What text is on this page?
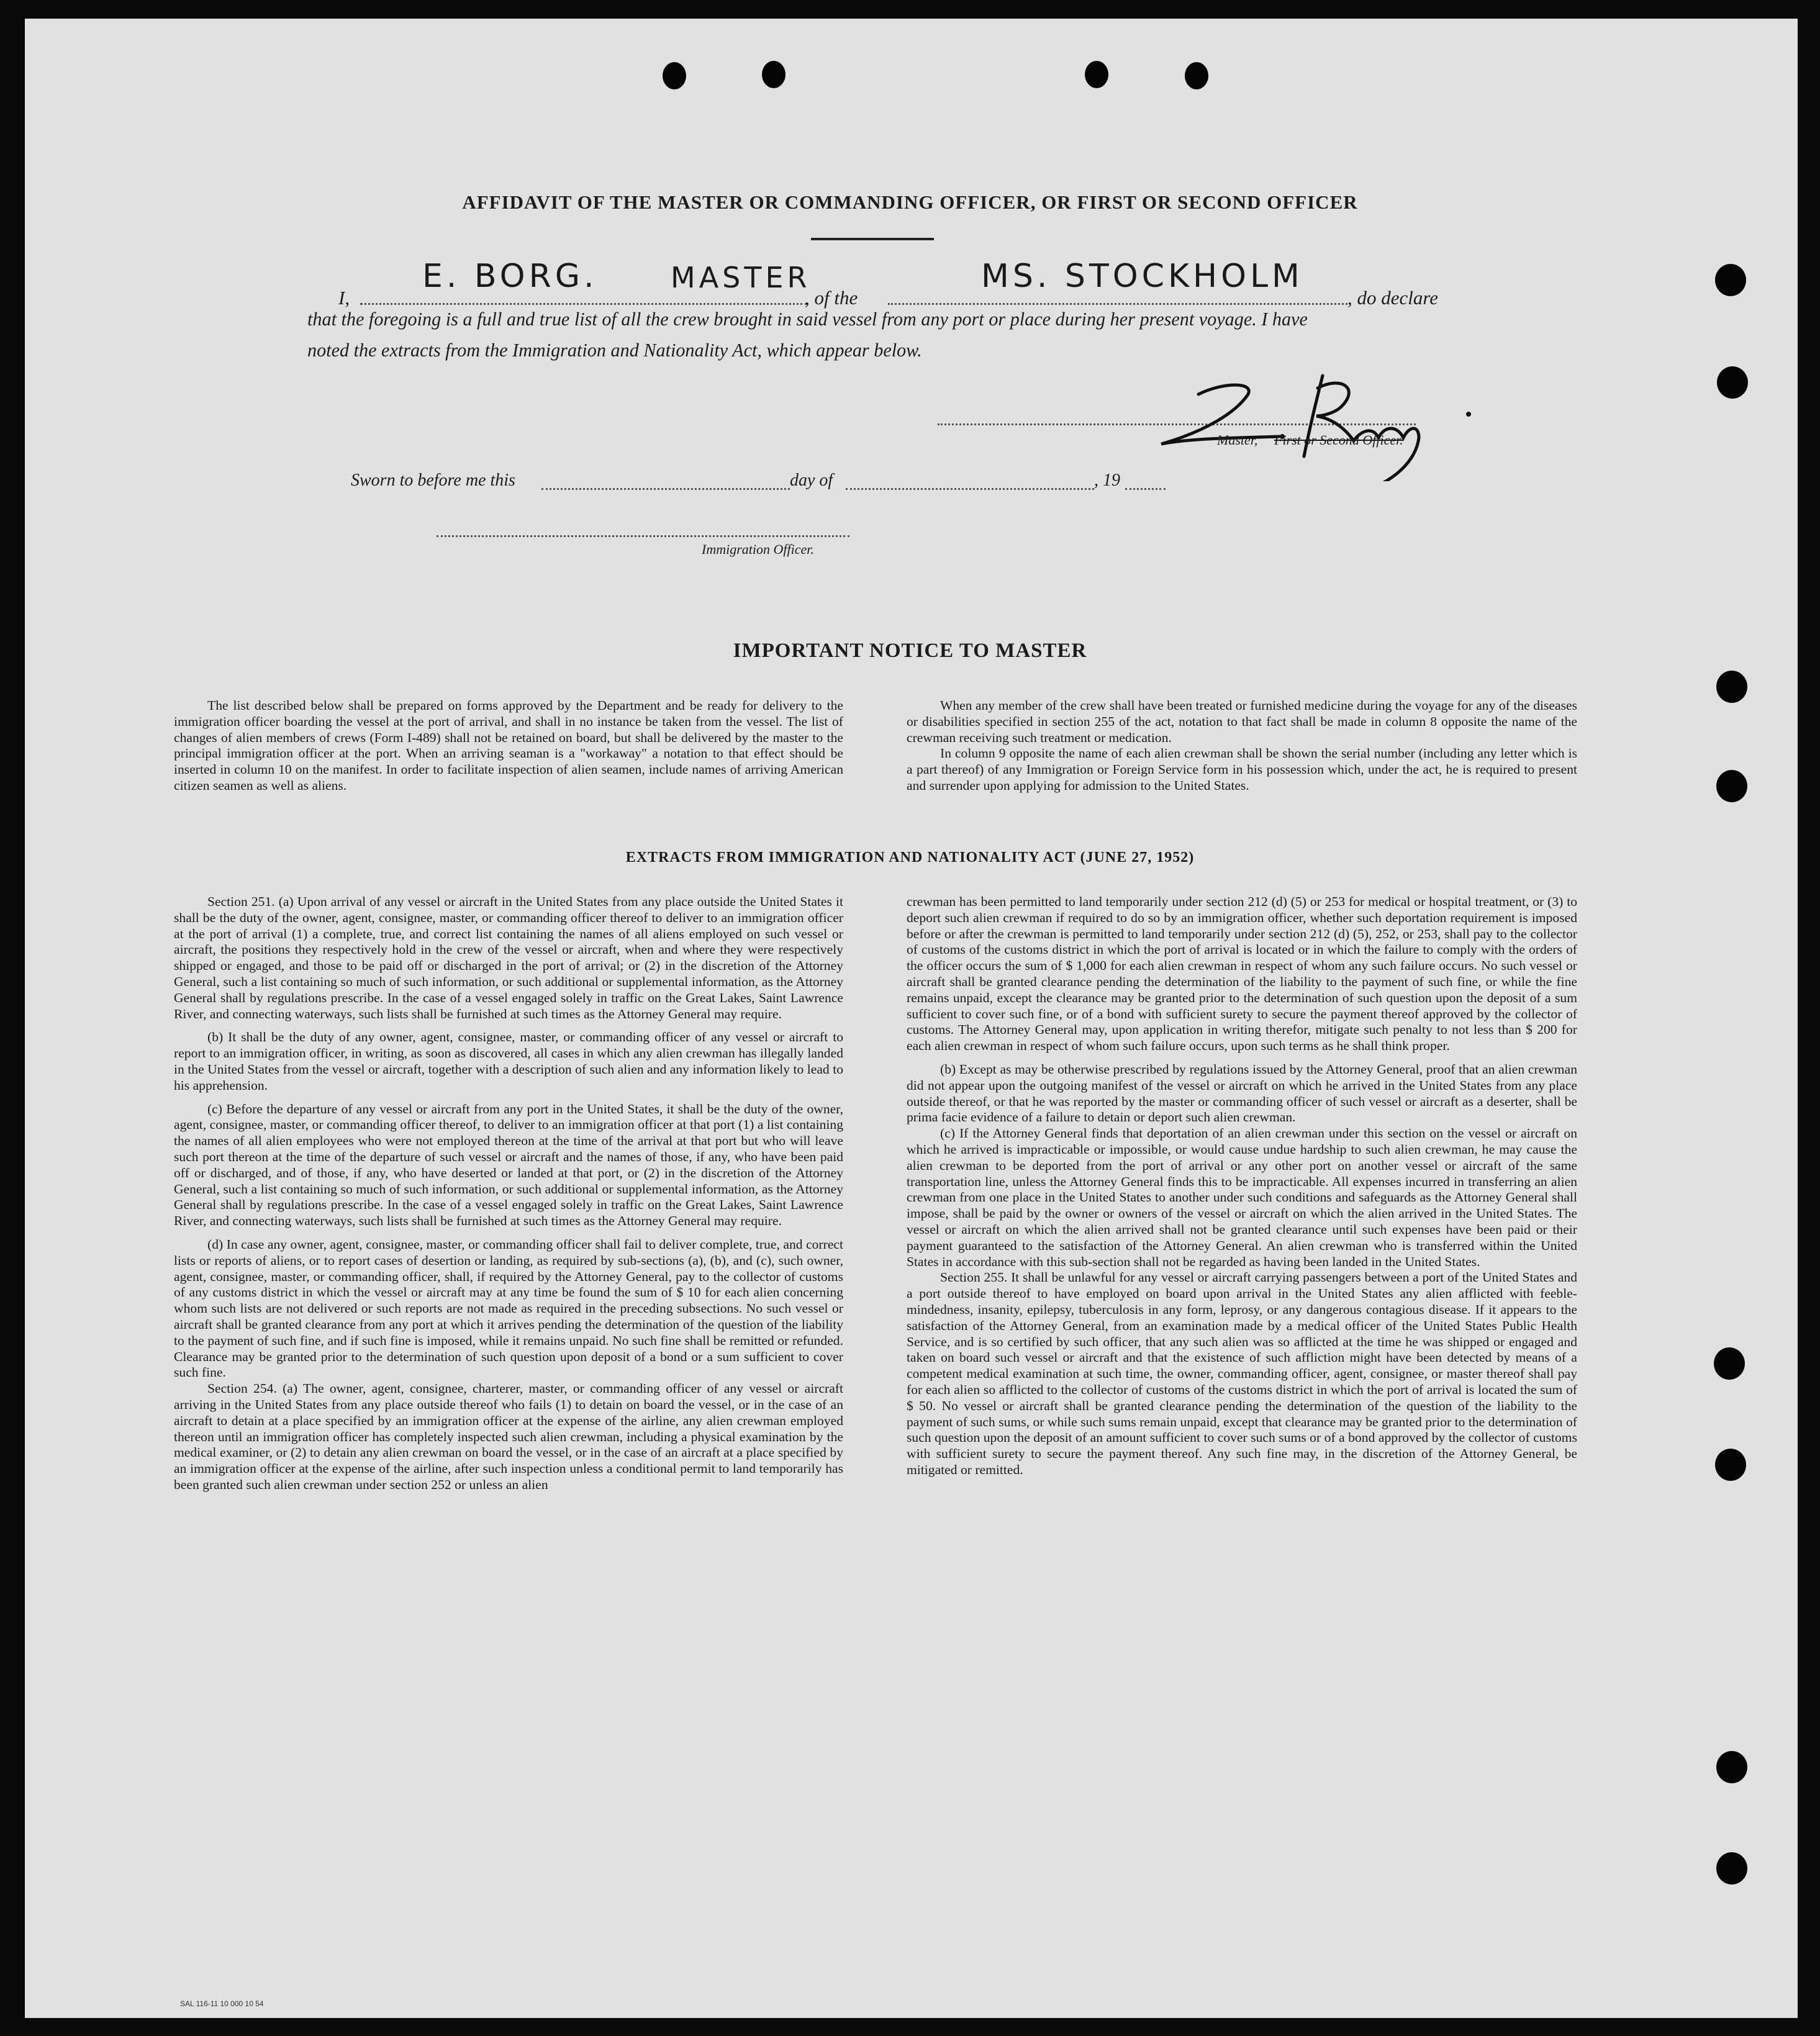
AFFIDAVIT OF THE MASTER OR COMMANDING OFFICER, OR FIRST OR SECOND OFFICER
I,	, of the	, do declare
E. BORG.	MASTER	MS. STOCKHOLM
that the foregoing is a full and true list of all the crew brought in said vessel from any port or place during her present voyage. I have
noted the extracts from the Immigration and Nationality Act, which appear below.
Master, First or Second Officer.
Sworn to before me this	day of	, 19
Immigration Officer.
IMPORTANT NOTICE TO MASTER

The list described below shall be prepared on forms approved by the Department and be ready for delivery to the immigration officer boarding the vessel at the port of arrival, and shall in no instance be taken from the vessel. The list of changes of alien members of crews (Form I-489) shall not be retained on board, but shall be delivered by the master to the principal immigration officer at the port. When an arriving seaman is a "workaway" a notation to that effect should be inserted in column 10 on the manifest. In order to facilitate inspection of alien seamen, include names of arriving American citizen seamen as well as aliens.

When any member of the crew shall have been treated or furnished medicine during the voyage for any of the diseases or disabilities specified in section 255 of the act, notation to that fact shall be made in column 8 opposite the name of the crewman receiving such treatment or medication.

In column 9 opposite the name of each alien crewman shall be shown the serial number (including any letter which is a part thereof) of any Immigration or Foreign Service form in his possession which, under the act, he is required to present and surrender upon applying for admission to the United States.

EXTRACTS FROM IMMIGRATION AND NATIONALITY ACT (JUNE 27, 1952)

Section 251. (a) Upon arrival of any vessel or aircraft in the United States from any place outside the United States it shall be the duty of the owner, agent, consignee, master, or commanding officer thereof to deliver to an immigration officer at the port of arrival (1) a complete, true, and correct list containing the names of all aliens employed on such vessel or aircraft, the positions they respectively hold in the crew of the vessel or aircraft, when and where they were respectively shipped or engaged, and those to be paid off or discharged in the port of arrival; or (2) in the discretion of the Attorney General, such a list containing so much of such information, or such additional or supplemental information, as the Attorney General shall by regulations prescribe. In the case of a vessel engaged solely in traffic on the Great Lakes, Saint Lawrence River, and connecting waterways, such lists shall be furnished at such times as the Attorney General may require.

(b) It shall be the duty of any owner, agent, consignee, master, or commanding officer of any vessel or aircraft to report to an immigration officer, in writing, as soon as discovered, all cases in which any alien crewman has illegally landed in the United States from the vessel or aircraft, together with a description of such alien and any information likely to lead to his apprehension.

(c) Before the departure of any vessel or aircraft from any port in the United States, it shall be the duty of the owner, agent, consignee, master, or commanding officer thereof, to deliver to an immigration officer at that port (1) a list containing the names of all alien employees who were not employed thereon at the time of the arrival at that port but who will leave such port thereon at the time of the departure of such vessel or aircraft and the names of those, if any, who have been paid off or discharged, and of those, if any, who have deserted or landed at that port, or (2) in the discretion of the Attorney General, such a list containing so much of such information, or such additional or supplemental information, as the Attorney General shall by regulations prescribe. In the case of a vessel engaged solely in traffic on the Great Lakes, Saint Lawrence River, and connecting waterways, such lists shall be furnished at such times as the Attorney General may require.

(d) In case any owner, agent, consignee, master, or commanding officer shall fail to deliver complete, true, and correct lists or reports of aliens, or to report cases of desertion or landing, as required by sub-sections (a), (b), and (c), such owner, agent, consignee, master, or commanding officer, shall, if required by the Attorney General, pay to the collector of customs of any customs district in which the vessel or aircraft may at any time be found the sum of $ 10 for each alien concerning whom such lists are not delivered or such reports are not made as required in the preceding subsections. No such vessel or aircraft shall be granted clearance from any port at which it arrives pending the determination of the question of the liability to the payment of such fine, and if such fine is imposed, while it remains unpaid. No such fine shall be remitted or refunded. Clearance may be granted prior to the determination of such question upon deposit of a bond or a sum sufficient to cover such fine.

Section 254. (a) The owner, agent, consignee, charterer, master, or commanding officer of any vessel or aircraft arriving in the United States from any place outside thereof who fails (1) to detain on board the vessel, or in the case of an aircraft to detain at a place specified by an immigration officer at the expense of the airline, any alien crewman employed thereon until an immigration officer has completely inspected such alien crewman, including a physical examination by the medical examiner, or (2) to detain any alien crewman on board the vessel, or in the case of an aircraft at a place specified by an immigration officer at the expense of the airline, after such inspection unless a conditional permit to land temporarily has been granted such alien crewman under section 252 or unless an alien

crewman has been permitted to land temporarily under section 212 (d) (5) or 253 for medical or hospital treatment, or (3) to deport such alien crewman if required to do so by an immigration officer, whether such deportation requirement is imposed before or after the crewman is permitted to land temporarily under section 212 (d) (5), 252, or 253, shall pay to the collector of customs of the customs district in which the port of arrival is located or in which the failure to comply with the orders of the officer occurs the sum of $ 1,000 for each alien crewman in respect of whom any such failure occurs. No such vessel or aircraft shall be granted clearance pending the determination of the liability to the payment of such fine, or while the fine remains unpaid, except the clearance may be granted prior to the determination of such question upon the deposit of a sum sufficient to cover such fine, or of a bond with sufficient surety to secure the payment thereof approved by the collector of customs. The Attorney General may, upon application in writing therefor, mitigate such penalty to not less than $ 200 for each alien crewman in respect of whom such failure occurs, upon such terms as he shall think proper.

(b) Except as may be otherwise prescribed by regulations issued by the Attorney General, proof that an alien crewman did not appear upon the outgoing manifest of the vessel or aircraft on which he arrived in the United States from any place outside thereof, or that he was reported by the master or commanding officer of such vessel or aircraft as a deserter, shall be prima facie evidence of a failure to detain or deport such alien crewman.

(c) If the Attorney General finds that deportation of an alien crewman under this section on the vessel or aircraft on which he arrived is impracticable or impossible, or would cause undue hardship to such alien crewman, he may cause the alien crewman to be deported from the port of arrival or any other port on another vessel or aircraft of the same transportation line, unless the Attorney General finds this to be impracticable. All expenses incurred in transferring an alien crewman from one place in the United States to another under such conditions and safeguards as the Attorney General shall impose, shall be paid by the owner or owners of the vessel or aircraft on which the alien arrived in the United States. The vessel or aircraft on which the alien arrived shall not be granted clearance until such expenses have been paid or their payment guaranteed to the satisfaction of the Attorney General. An alien crewman who is transferred within the United States in accordance with this sub-section shall not be regarded as having been landed in the United States.

Section 255. It shall be unlawful for any vessel or aircraft carrying passengers between a port of the United States and a port outside thereof to have employed on board upon arrival in the United States any alien afflicted with feeble-mindedness, insanity, epilepsy, tuberculosis in any form, leprosy, or any dangerous contagious disease. If it appears to the satisfaction of the Attorney General, from an examination made by a medical officer of the United States Public Health Service, and is so certified by such officer, that any such alien was so afflicted at the time he was shipped or engaged and taken on board such vessel or aircraft and that the existence of such affliction might have been detected by means of a competent medical examination at such time, the owner, commanding officer, agent, consignee, or master thereof shall pay for each alien so afflicted to the collector of customs of the customs district in which the port of arrival is located the sum of $ 50. No vessel or aircraft shall be granted clearance pending the determination of the question of the liability to the payment of such sums, or while such sums remain unpaid, except that clearance may be granted prior to the determination of such question upon the deposit of an amount sufficient to cover such sums or of a bond approved by the collector of customs with sufficient surety to secure the payment thereof. Any such fine may, in the discretion of the Attorney General, be mitigated or remitted.

SAL 116-11 10 000 10 54
